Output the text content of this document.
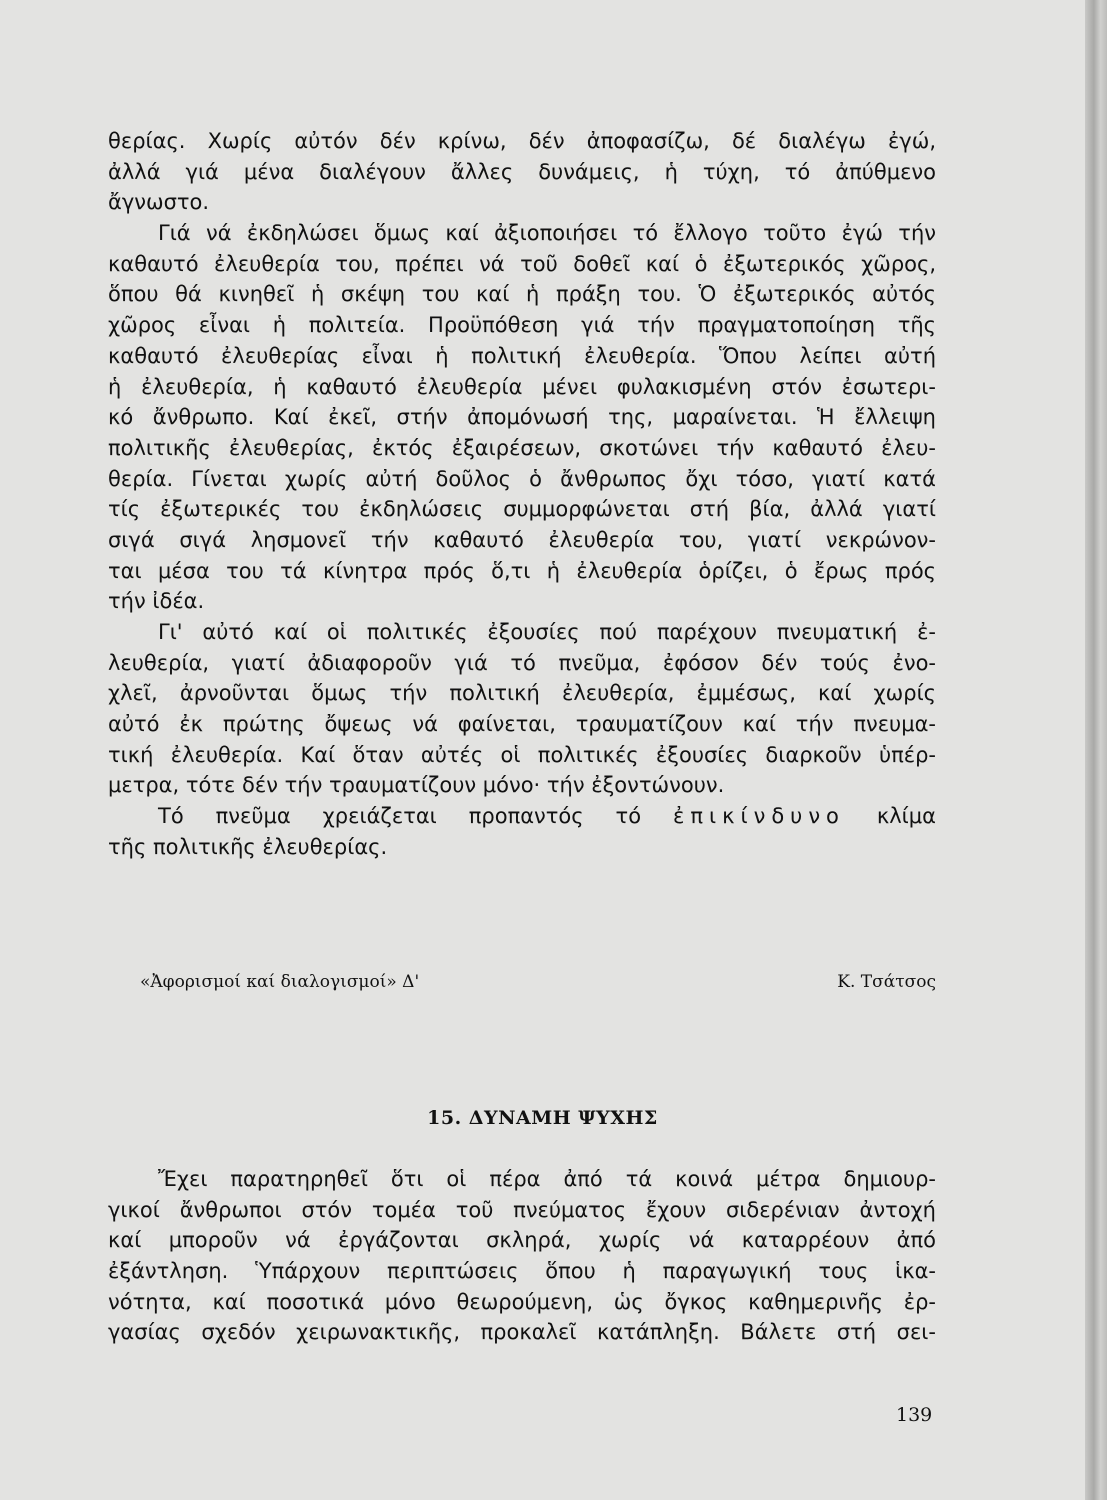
θερίας. Χωρίς αὐτόν δέν κρίνω, δέν ἀποφασίζω, δέ διαλέγω ἐγώ,
ἀλλά γιά μένα διαλέγουν ἄλλες δυνάμεις, ἡ τύχη, τό ἀπύθμενο
ἄγνωστο.
Γιά νά ἐκδηλώσει ὅμως καί ἀξιοποιήσει τό ἔλλογο τοῦτο ἐγώ τήν
καθαυτό ἐλευθερία του, πρέπει νά τοῦ δοθεῖ καί ὁ ἐξωτερικός χῶρος,
ὅπου θά κινηθεῖ ἡ σκέψη του καί ἡ πράξη του. Ὁ ἐξωτερικός αὐτός
χῶρος εἶναι ἡ πολιτεία. Προϋπόθεση γιά τήν πραγματοποίηση τῆς
καθαυτό ἐλευθερίας εἶναι ἡ πολιτική ἐλευθερία. Ὅπου λείπει αὐτή
ἡ ἐλευθερία, ἡ καθαυτό ἐλευθερία μένει φυλακισμένη στόν ἐσωτερι-
κό ἄνθρωπο. Καί ἐκεῖ, στήν ἀπομόνωσή της, μαραίνεται. Ἡ ἔλλειψη
πολιτικῆς ἐλευθερίας, ἐκτός ἐξαιρέσεων, σκοτώνει τήν καθαυτό ἐλευ-
θερία. Γίνεται χωρίς αὐτή δοῦλος ὁ ἄνθρωπος ὄχι τόσο, γιατί κατά
τίς ἐξωτερικές του ἐκδηλώσεις συμμορφώνεται στή βία, ἀλλά γιατί
σιγά σιγά λησμονεῖ τήν καθαυτό ἐλευθερία του, γιατί νεκρώνον-
ται μέσα του τά κίνητρα πρός ὅ,τι ἡ ἐλευθερία ὁρίζει, ὁ ἔρως πρός
τήν ἰδέα.
Γι' αὐτό καί οἱ πολιτικές ἐξουσίες πού παρέχουν πνευματική ἐ-
λευθερία, γιατί ἀδιαφοροῦν γιά τό πνεῦμα, ἐφόσον δέν τούς ἐνο-
χλεῖ, ἀρνοῦνται ὅμως τήν πολιτική ἐλευθερία, ἐμμέσως, καί χωρίς
αὐτό ἐκ πρώτης ὄψεως νά φαίνεται, τραυματίζουν καί τήν πνευμα-
τική ἐλευθερία. Καί ὅταν αὐτές οἱ πολιτικές ἐξουσίες διαρκοῦν ὑπέρ-
μετρα, τότε δέν τήν τραυματίζουν μόνο· τήν ἐξοντώνουν.
Τό πνεῦμα χρειάζεται προπαντός τό ἐπικίνδυνο κλίμα
τῆς πολιτικῆς ἐλευθερίας.
«Ἀφορισμοί καί διαλογισμοί» Δ'	Κ. Τσάτσος
15. ΔΥΝΑΜΗ ΨΥΧΗΣ
Ἔχει παρατηρηθεῖ ὅτι οἱ πέρα ἀπό τά κοινά μέτρα δημιουρ-
γικοί ἄνθρωποι στόν τομέα τοῦ πνεύματος ἔχουν σιδερένιαν ἀντοχή
καί μποροῦν νά ἐργάζονται σκληρά, χωρίς νά καταρρέουν ἀπό
ἐξάντληση. Ὑπάρχουν περιπτώσεις ὅπου ἡ παραγωγική τους ἱκα-
νότητα, καί ποσοτικά μόνο θεωρούμενη, ὡς ὄγκος καθημερινῆς ἐρ-
γασίας σχεδόν χειρωνακτικῆς, προκαλεῖ κατάπληξη. Βάλετε στή σει-
139
